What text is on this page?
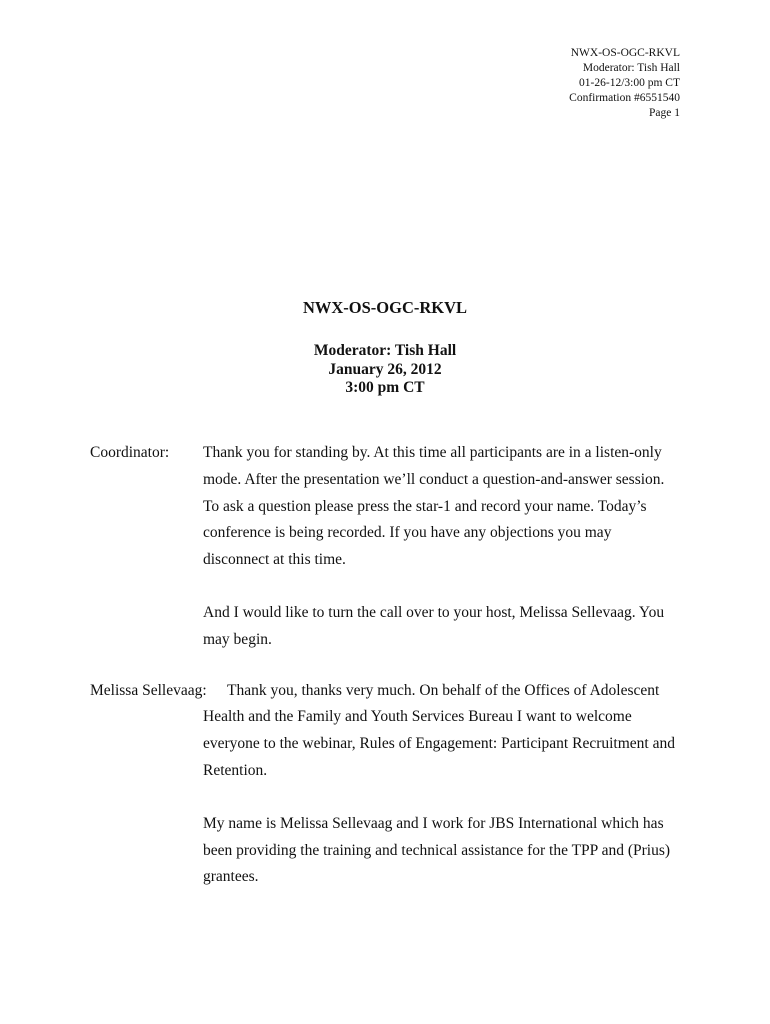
NWX-OS-OGC-RKVL
Moderator: Tish Hall
01-26-12/3:00 pm CT
Confirmation #6551540
Page 1
NWX-OS-OGC-RKVL
Moderator: Tish Hall
January 26, 2012
3:00 pm CT
Coordinator: Thank you for standing by. At this time all participants are in a listen-only mode. After the presentation we’ll conduct a question-and-answer session. To ask a question please press the star-1 and record your name. Today’s conference is being recorded. If you have any objections you may disconnect at this time.

And I would like to turn the call over to your host, Melissa Sellevaag. You may begin.

Melissa Sellevaag:	Thank you, thanks very much. On behalf of the Offices of Adolescent Health and the Family and Youth Services Bureau I want to welcome everyone to the webinar, Rules of Engagement: Participant Recruitment and Retention.

My name is Melissa Sellevaag and I work for JBS International which has been providing the training and technical assistance for the TPP and (Prius) grantees.
